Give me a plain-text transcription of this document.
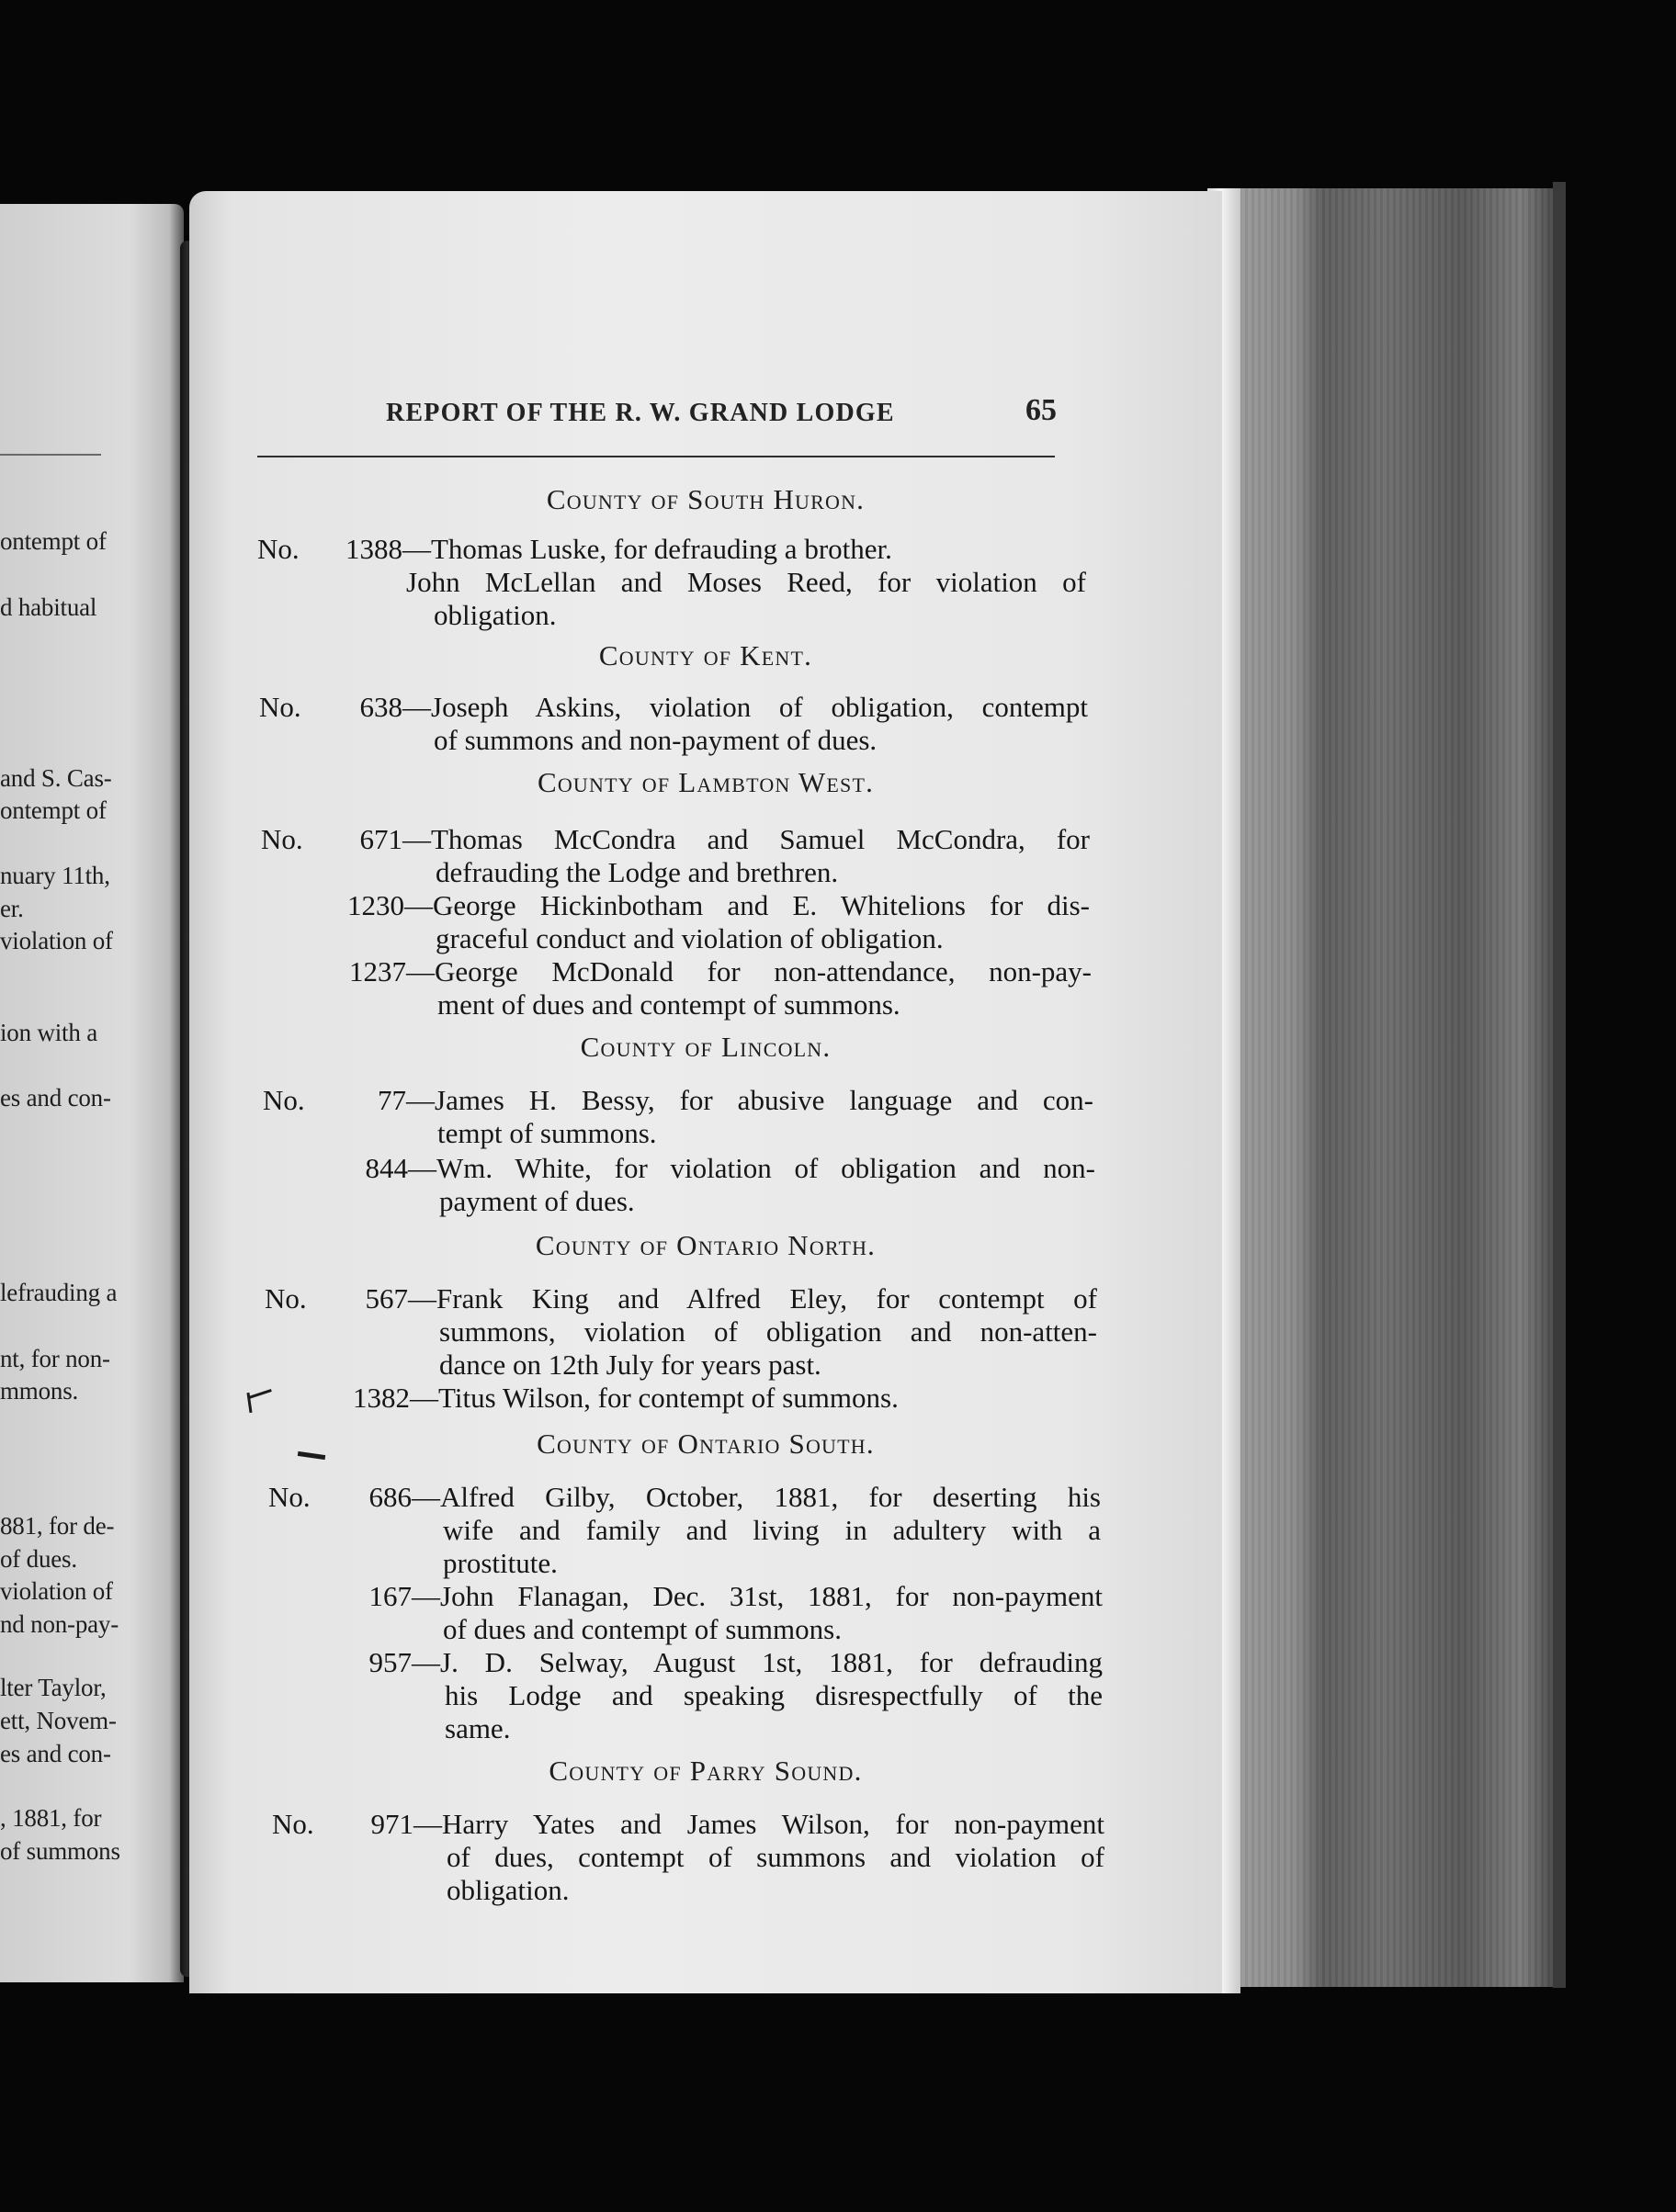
ontempt of
d habitual
and S. Cas-
ontempt of
nuary 11th,
er.
violation of
ion with a
es and con-
lefrauding a
nt, for non-
mmons.
881, for de-
of dues.
violation of
nd non-pay-
lter Taylor,
ett, Novem-
es and con-
, 1881, for
of summons
REPORT OF THE R. W. GRAND LODGE	65
County of South Huron.
No.	1388 —Thomas Luske, for defrauding a brother.
John McLellan and Moses Reed, for violation of
obligation.
County of Kent.
No.	638 —Joseph Askins, violation of obligation, contempt
of summons and non-payment of dues.
County of Lambton West.
No.	671 —Thomas McCondra and Samuel McCondra, for
defrauding the Lodge and brethren.
1230 —George Hickinbotham and E. Whitelions for dis-
graceful conduct and violation of obligation.
1237 —George McDonald for non-attendance, non-pay-
ment of dues and contempt of summons.
County of Lincoln.
No.	77 —James H. Bessy, for abusive language and con-
tempt of summons.
844 —Wm. White, for violation of obligation and non-
payment of dues.
County of Ontario North.
No.	567 —Frank King and Alfred Eley, for contempt of
summons, violation of obligation and non-atten-
dance on 12th July for years past.
1382 —Titus Wilson, for contempt of summons.
County of Ontario South.
No.	686 —Alfred Gilby, October, 1881, for deserting his
wife and family and living in adultery with a
prostitute.
167 —John Flanagan, Dec. 31st, 1881, for non-payment
of dues and contempt of summons.
957 —J. D. Selway, August 1st, 1881, for defrauding
his Lodge and speaking disrespectfully of the
same.
County of Parry Sound.
No.	971 —Harry Yates and James Wilson, for non-payment
of dues, contempt of summons and violation of
obligation.
